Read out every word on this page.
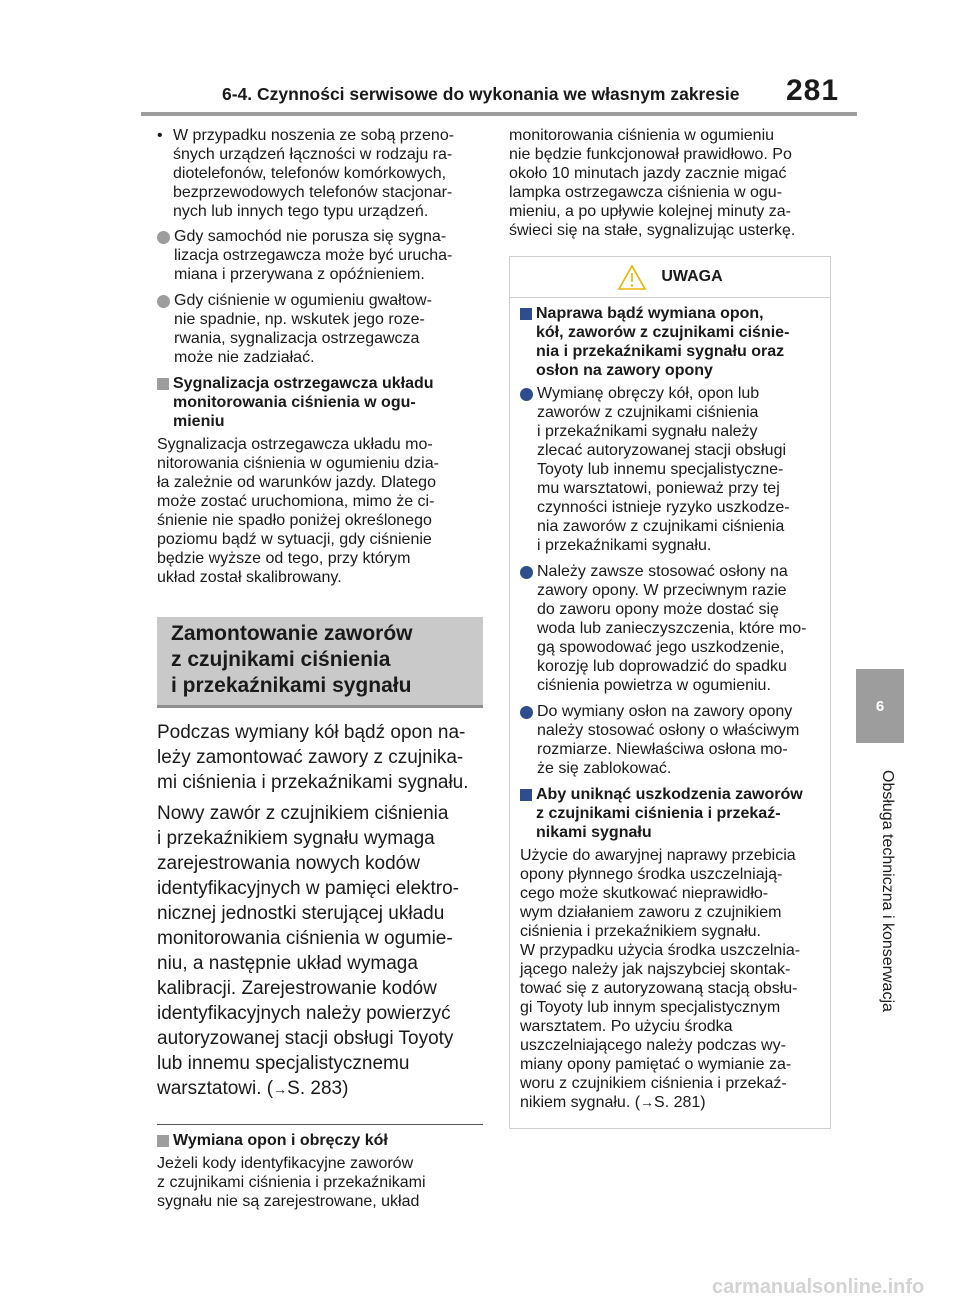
6-4. Czynności serwisowe do wykonania we własnym zakresie 281
6
Obsługa techniczna i konserwacja
• W przypadku noszenia ze sobą przeno-
śnych urządzeń łączności w rodzaju ra-
diotelefonów, telefonów komórkowych,
bezprzewodowych telefonów stacjonar-
nych lub innych tego typu urządzeń.
Gdy samochód nie porusza się sygna-
lizacja ostrzegawcza może być urucha-
miana i przerywana z opóźnieniem.
Gdy ciśnienie w ogumieniu gwałtow-
nie spadnie, np. wskutek jego roze-
rwania, sygnalizacja ostrzegawcza
może nie zadziałać.
Sygnalizacja ostrzegawcza układu
monitorowania ciśnienia w ogu-
mieniu
Sygnalizacja ostrzegawcza układu mo-
nitorowania ciśnienia w ogumieniu dzia-
ła zależnie od warunków jazdy. Dlatego
może zostać uruchomiona, mimo że ci-
śnienie nie spadło poniżej określonego
poziomu bądź w sytuacji, gdy ciśnienie
będzie wyższe od tego, przy którym
układ został skalibrowany.
Zamontowanie zaworów
z czujnikami ciśnienia
i przekaźnikami sygnału
Podczas wymiany kół bądź opon na-
leży zamontować zawory z czujnika-
mi ciśnienia i przekaźnikami sygnału.
Nowy zawór z czujnikiem ciśnienia
i przekaźnikiem sygnału wymaga
zarejestrowania nowych kodów
identyfikacyjnych w pamięci elektro-
nicznej jednostki sterującej układu
monitorowania ciśnienia w ogumie-
niu, a następnie układ wymaga
kalibracji. Zarejestrowanie kodów
identyfikacyjnych należy powierzyć
autoryzowanej stacji obsługi Toyoty
lub innemu specjalistycznemu
warsztatowi. (→S. 283)
Wymiana opon i obręczy kół
Jeżeli kody identyfikacyjne zaworów
z czujnikami ciśnienia i przekaźnikami
sygnału nie są zarejestrowane, układ
monitorowania ciśnienia w ogumieniu
nie będzie funkcjonował prawidłowo. Po
około 10 minutach jazdy zacznie migać
lampka ostrzegawcza ciśnienia w ogu-
mieniu, a po upływie kolejnej minuty za-
świeci się na stałe, sygnalizując usterkę.
UWAGA
Naprawa bądź wymiana opon,
kół, zaworów z czujnikami ciśnie-
nia i przekaźnikami sygnału oraz
osłon na zawory opony
Wymianę obręczy kół, opon lub
zaworów z czujnikami ciśnienia
i przekaźnikami sygnału należy
zlecać autoryzowanej stacji obsługi
Toyoty lub innemu specjalistyczne-
mu warsztatowi, ponieważ przy tej
czynności istnieje ryzyko uszkodze-
nia zaworów z czujnikami ciśnienia
i przekaźnikami sygnału.
Należy zawsze stosować osłony na
zawory opony. W przeciwnym razie
do zaworu opony może dostać się
woda lub zanieczyszczenia, które mo-
gą spowodować jego uszkodzenie,
korozję lub doprowadzić do spadku
ciśnienia powietrza w ogumieniu.
Do wymiany osłon na zawory opony
należy stosować osłony o właściwym
rozmiarze. Niewłaściwa osłona mo-
że się zablokować.
Aby uniknąć uszkodzenia zaworów
z czujnikami ciśnienia i przekaź-
nikami sygnału
Użycie do awaryjnej naprawy przebicia
opony płynnego środka uszczelniają-
cego może skutkować nieprawidło-
wym działaniem zaworu z czujnikiem
ciśnienia i przekaźnikiem sygnału.
W przypadku użycia środka uszczelnia-
jącego należy jak najszybciej skontak-
tować się z autoryzowaną stacją obsłu-
gi Toyoty lub innym specjalistycznym
warsztatem. Po użyciu środka
uszczelniającego należy podczas wy-
miany opony pamiętać o wymianie za-
woru z czujnikiem ciśnienia i przekaź-
nikiem sygnału. (→S. 281)
carmanualsonline.info
